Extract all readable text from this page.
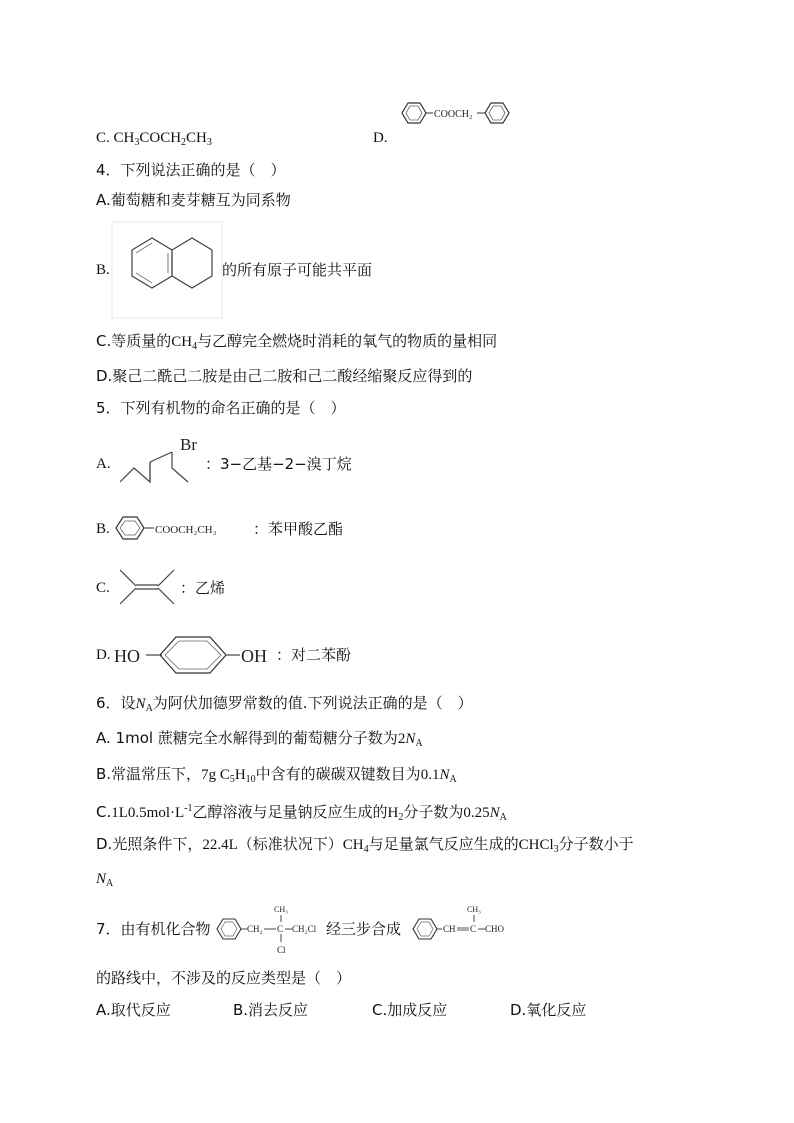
C. $CH_3COCH_2CH_3$	D.
COOCH₂
4．下列说法正确的是（　）
A.葡萄糖和麦芽糖互为同系物
B.	的所有原子可能共平面
C.等质量的$CH_4$与乙醇完全燃烧时消耗的氧气的物质的量相同
D.聚己二酰己二胺是由己二胺和己二酸经缩聚反应得到的
5．下列有机物的命名正确的是（　）
A.
Br
：3−乙基−2−溴丁烷
B.	COOCH₂CH₃ ：苯甲酸乙酯
C.	：乙烯
D. HO	OH ：对二苯酚
6．设$N_A$为阿伏加德罗常数的值.下列说法正确的是（　）
A. 1mol 蔗糖完全水解得到的葡萄糖分子数为$2N_A$
B.常温常压下，7g $C_5H_{10}$中含有的碳碳双键数目为$0.1N_A$
$C.1L0.5mol\cdot L^{-1}$乙醇溶液与足量钠反应生成的$H_2$分子数为$0.25N_A$
D.光照条件下，22.4L（标准状况下）$CH_4$与足量氯气反应生成的CHCl$_3$分子数小于
$N_A$
7．由有机化合物	CH₂ C
CH₃
Cl
CH₂Cl 经三步合成	CH C
CH₃
CHO
的路线中，不涉及的反应类型是（　）
A.取代反应	B.消去反应	C.加成反应	D.氧化反应
